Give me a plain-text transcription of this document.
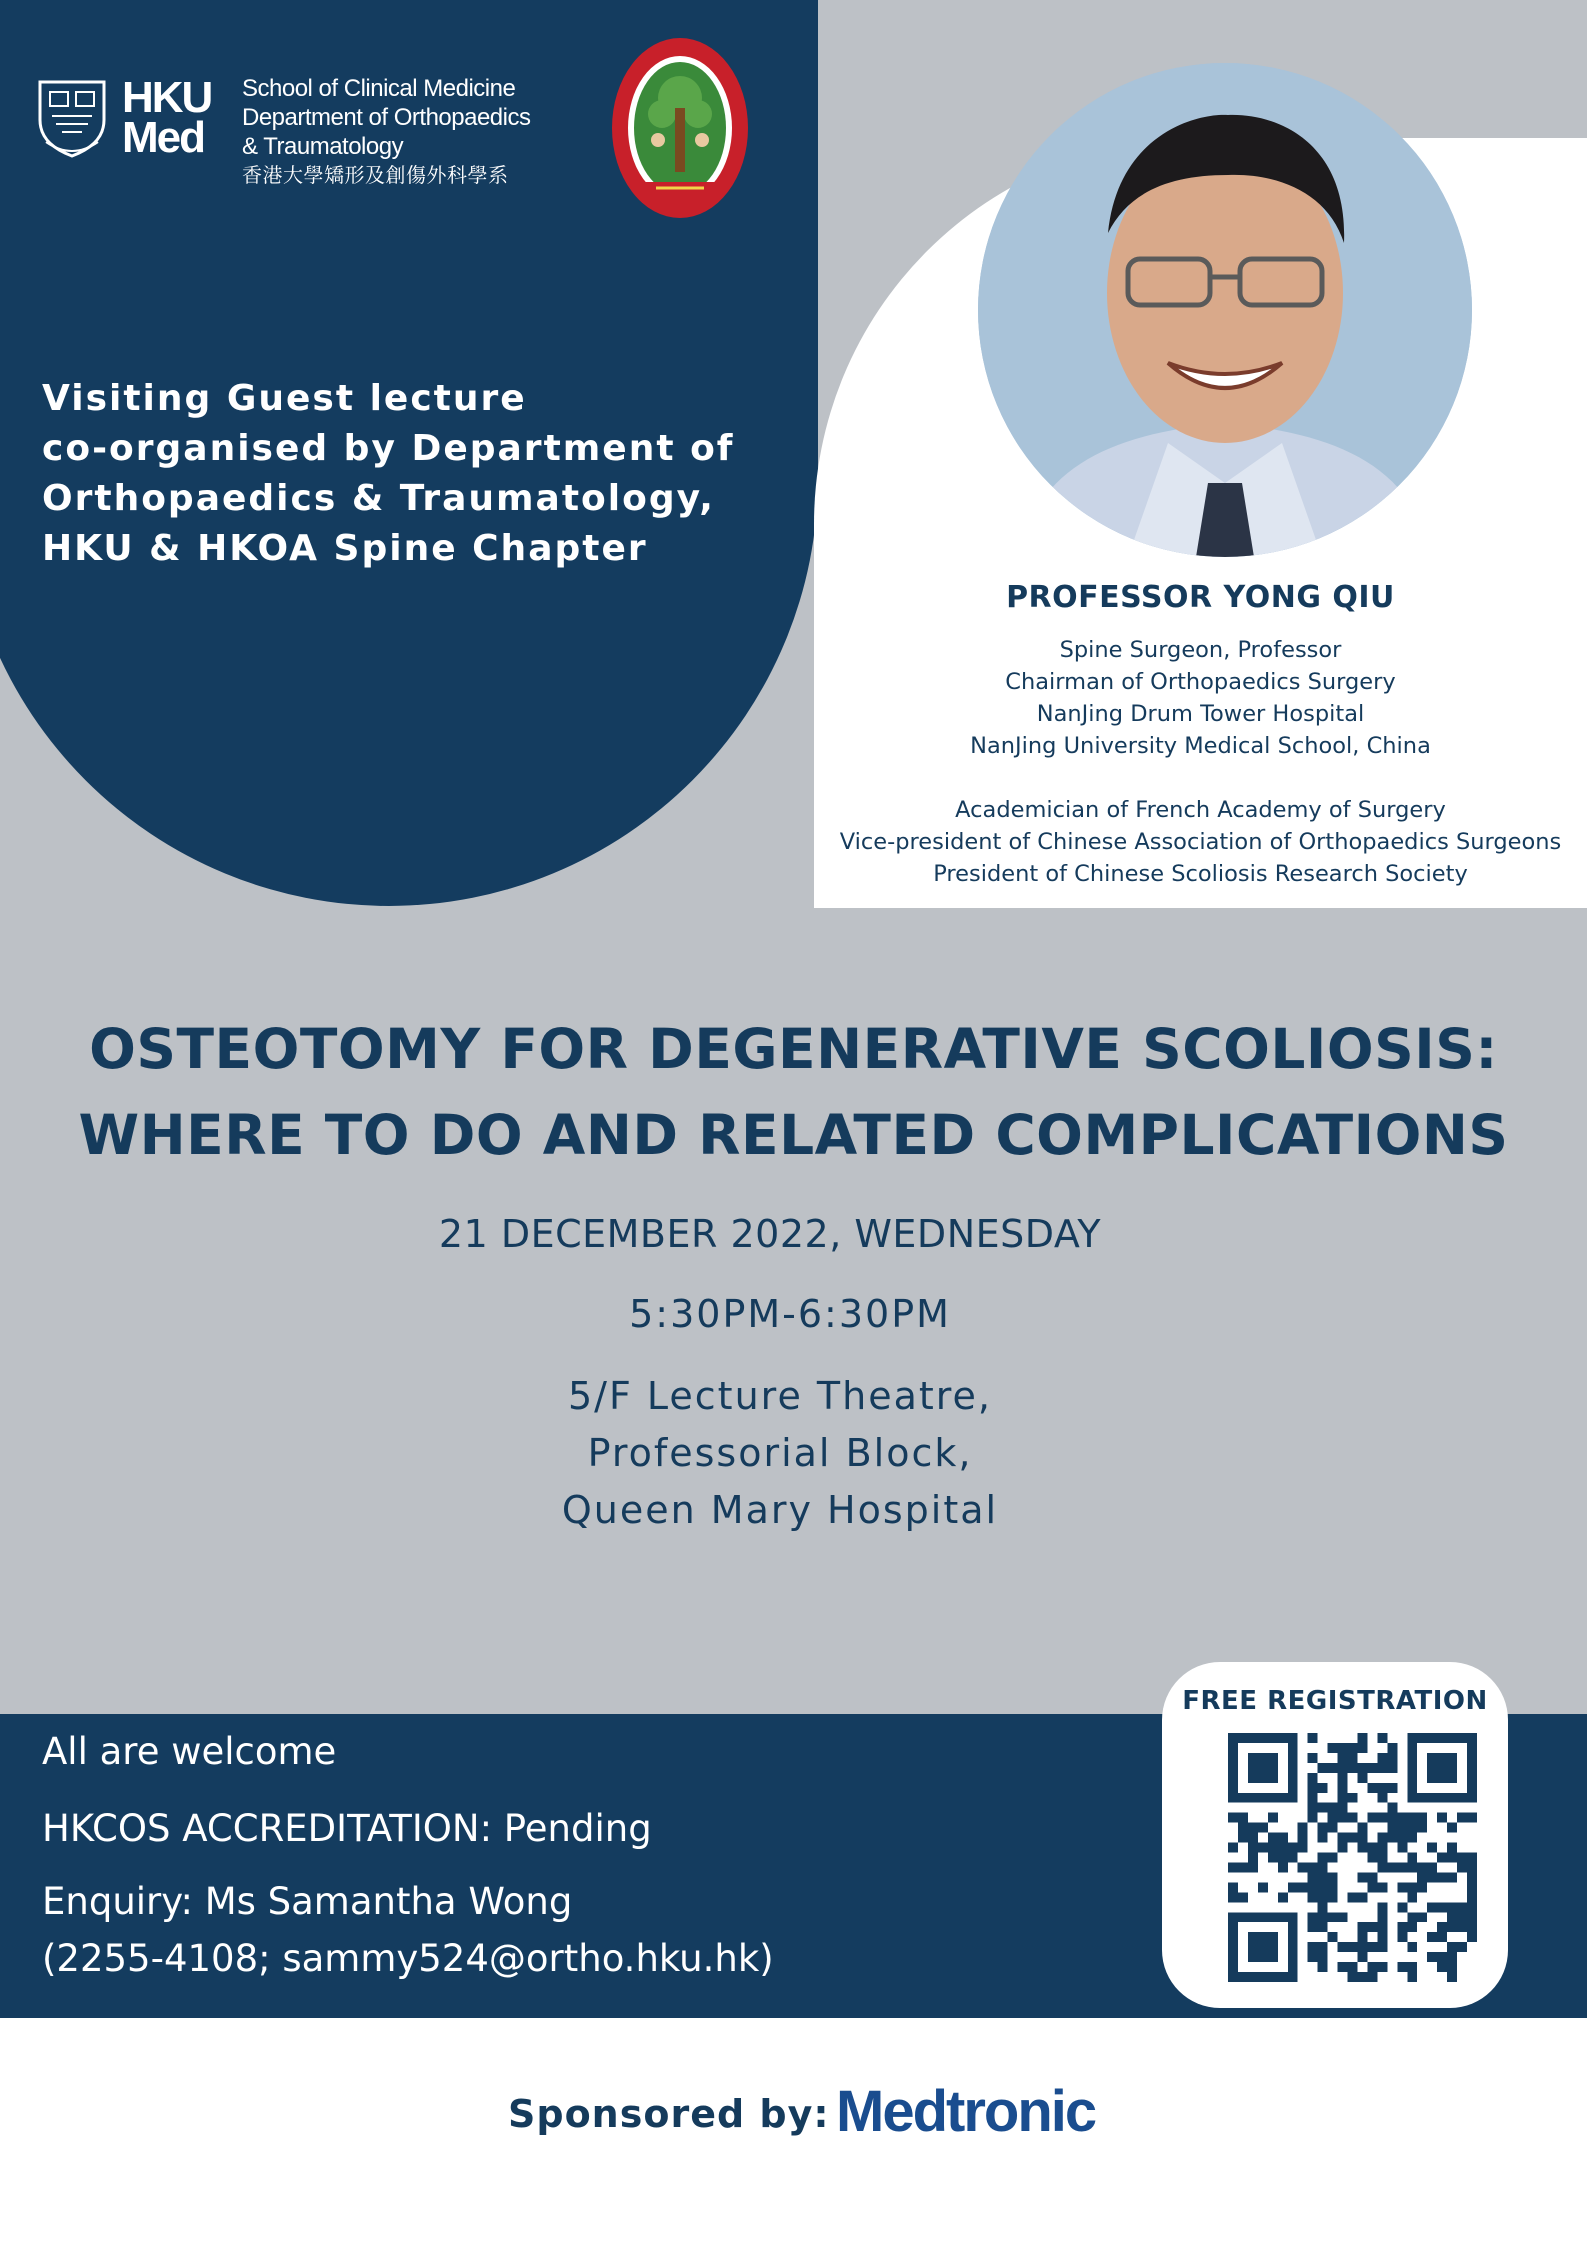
HKU
Med
School of Clinical Medicine
Department of Orthopaedics
& Traumatology
香港大學矯形及創傷外科學系
Visiting Guest lecture
co-organised by Department of
Orthopaedics & Traumatology,
HKU & HKOA Spine Chapter
PROFESSOR YONG QIU
Spine Surgeon, Professor
Chairman of Orthopaedics Surgery
NanJing Drum Tower Hospital
NanJing University Medical School, China
Academician of French Academy of Surgery
Vice-president of Chinese Association of Orthopaedics Surgeons
President of Chinese Scoliosis Research Society
OSTEOTOMY FOR DEGENERATIVE SCOLIOSIS:
WHERE TO DO AND RELATED COMPLICATIONS
21 DECEMBER 2022, WEDNESDAY
5:30PM-6:30PM
5/F Lecture Theatre,
Professorial Block,
Queen Mary Hospital
All are welcome
HKCOS ACCREDITATION: Pending
Enquiry: Ms Samantha Wong
(2255-4108; sammy524@ortho.hku.hk)
FREE REGISTRATION
Sponsored by: Medtronic
